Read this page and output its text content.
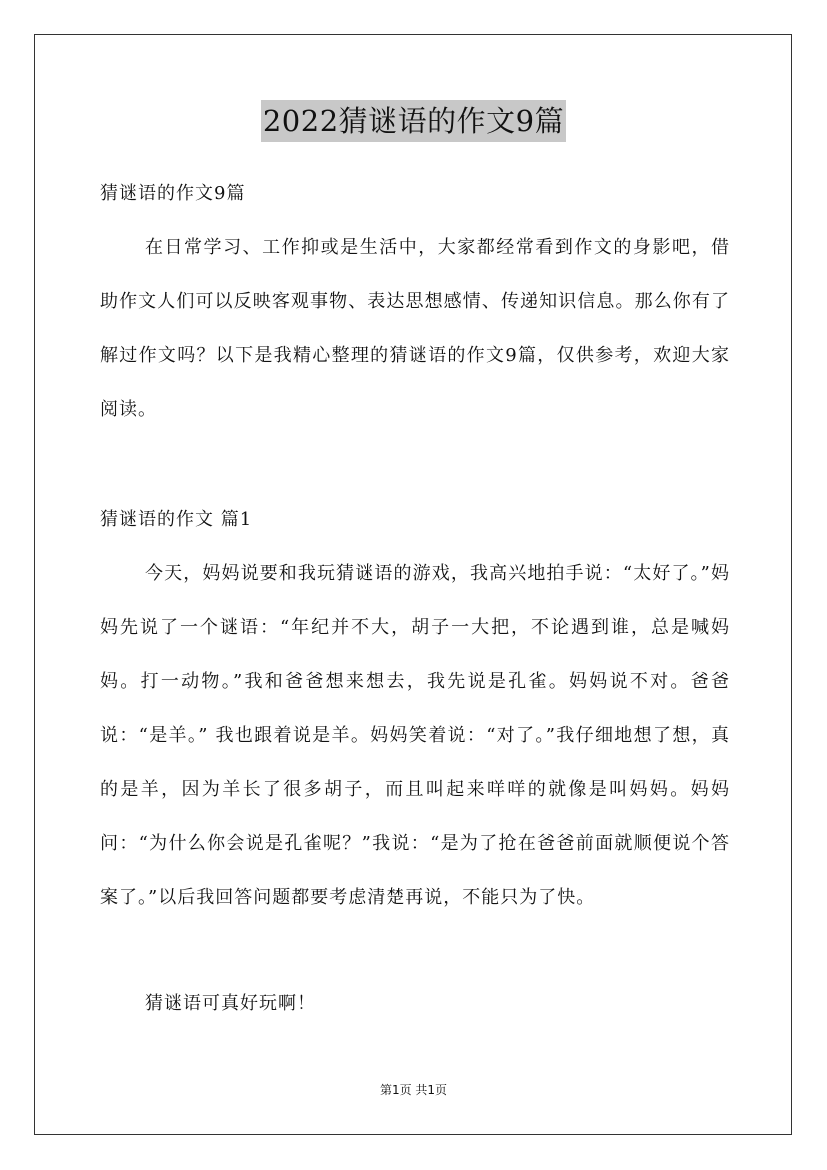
2022猜谜语的作文9篇
猜谜语的作文9篇
在日常学习、工作抑或是生活中，大家都经常看到作文的身影吧，借助作文人们可以反映客观事物、表达思想感情、传递知识信息。那么你有了解过作文吗？以下是我精心整理的猜谜语的作文9篇，仅供参考，欢迎大家阅读。
猜谜语的作文 篇1
今天，妈妈说要和我玩猜谜语的游戏，我高兴地拍手说：“太好了。”妈妈先说了一个谜语：“年纪并不大，胡子一大把，不论遇到谁，总是喊妈妈。打一动物。”我和爸爸想来想去，我先说是孔雀。妈妈说不对。爸爸说：“是羊。” 我也跟着说是羊。妈妈笑着说：“对了。”我仔细地想了想，真的是羊，因为羊长了很多胡子，而且叫起来咩咩的就像是叫妈妈。妈妈问：“为什么你会说是孔雀呢？”我说：“是为了抢在爸爸前面就顺便说个答案了。”以后我回答问题都要考虑清楚再说，不能只为了快。
猜谜语可真好玩啊！
第1页 共1页
